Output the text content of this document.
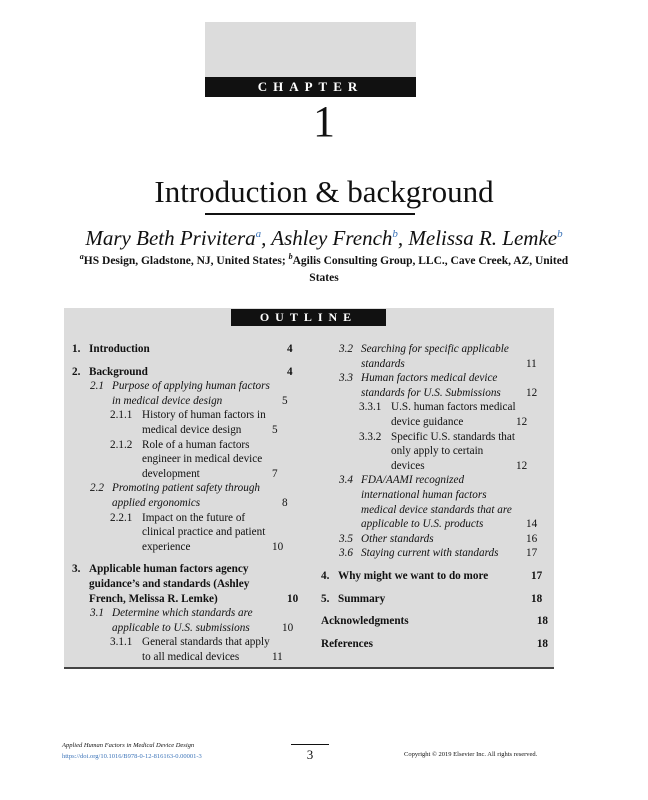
CHAPTER
1
Introduction & background
Mary Beth Privitera$^a$, Ashley French$^b$, Melissa R. Lemke$^b$
$^a$HS Design, Gladstone, NJ, United States; $^b$Agilis Consulting Group, LLC., Cave Creek, AZ, United States
OUTLINE
1. Introduction	4
2. Background	4
2.1 Purpose of applying human factors in medical device design	5
2.1.1 History of human factors in medical device design	5
2.1.2 Role of a human factors engineer in medical device development	7
2.2 Promoting patient safety through applied ergonomics	8
2.2.1 Impact on the future of clinical practice and patient experience	10
3. Applicable human factors agency guidance’s and standards (Ashley French, Melissa R. Lemke)	10
3.1 Determine which standards are applicable to U.S. submissions	10
3.1.1 General standards that apply to all medical devices	11
3.2 Searching for specific applicable standards	11
3.3 Human factors medical device standards for U.S. Submissions 12
3.3.1 U.S. human factors medical device guidance	12
3.3.2 Specific U.S. standards that only apply to certain devices	12
3.4 FDA/AAMI recognized international human factors medical device standards that are applicable to U.S. products	14
3.5 Other standards	16
3.6 Staying current with standards 17
4. Why might we want to do more	17
5. Summary	18
Acknowledgments	18
References	18
Applied Human Factors in Medical Device Design
https://doi.org/10.1016/B978-0-12-816163-0.00001-3	3	Copyright © 2019 Elsevier Inc. All rights reserved.
